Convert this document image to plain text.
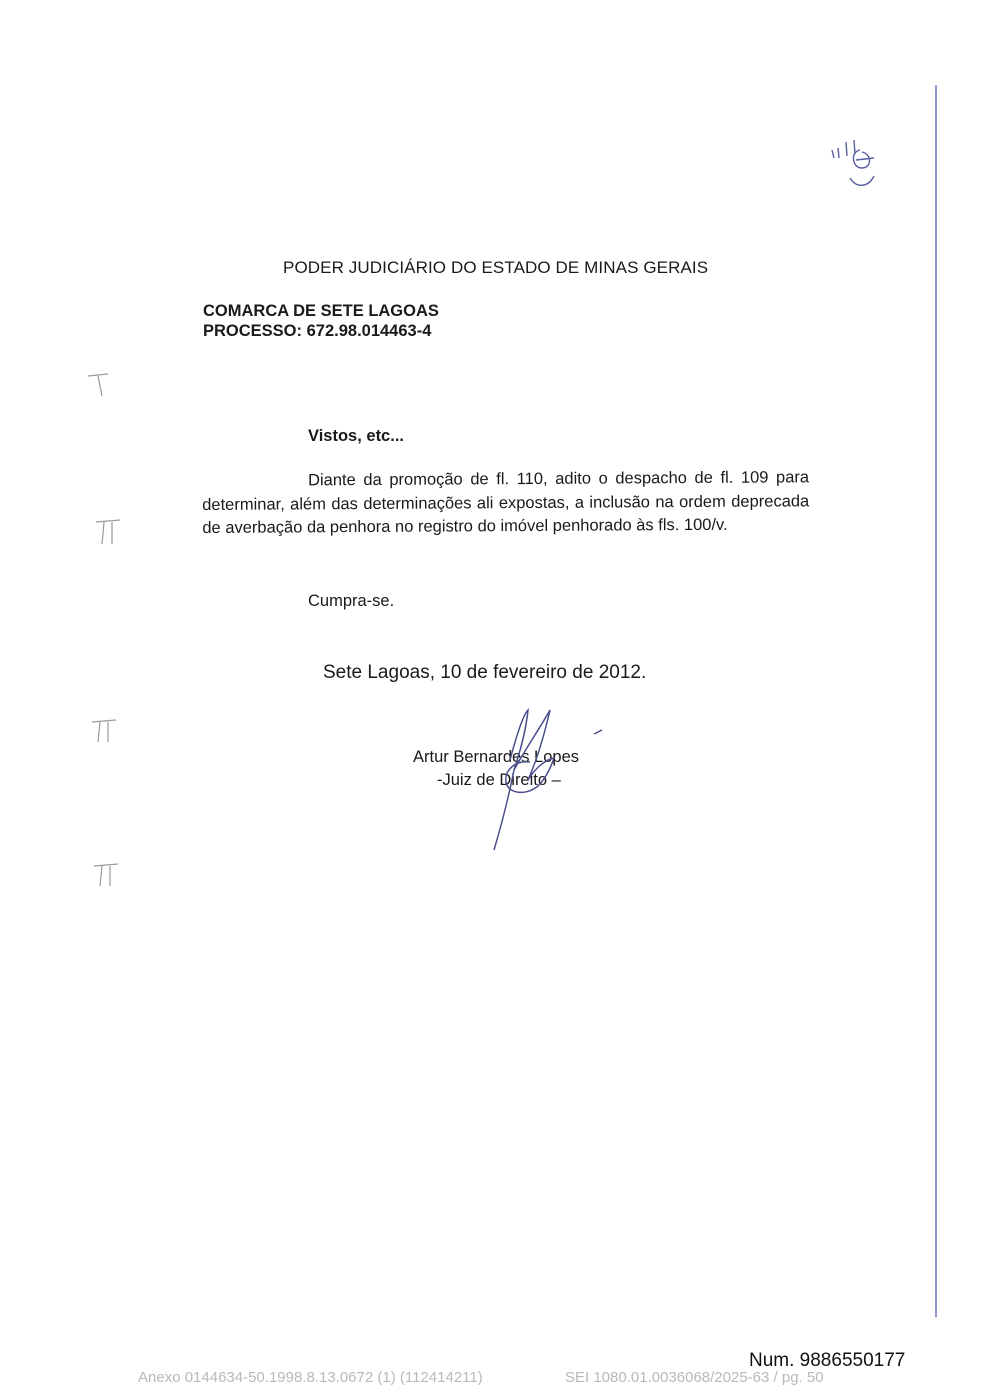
PODER JUDICIÁRIO DO ESTADO DE MINAS GERAIS
COMARCA DE SETE LAGOAS
PROCESSO: 672.98.014463-4
Vistos, etc...
Diante da promoção de fl. 110, adito o despacho de fl. 109 para determinar, além das determinações ali expostas, a inclusão na ordem deprecada de averbação da penhora no registro do imóvel penhorado às fls. 100/v.
Cumpra-se.
Sete Lagoas, 10 de fevereiro de 2012.
Artur Bernardes Lopes
-Juiz de Direito –
Num. 9886550177
Anexo 0144634-50.1998.8.13.0672 (1) (112414211)	SEI 1080.01.0036068/2025-63 / pg. 50
